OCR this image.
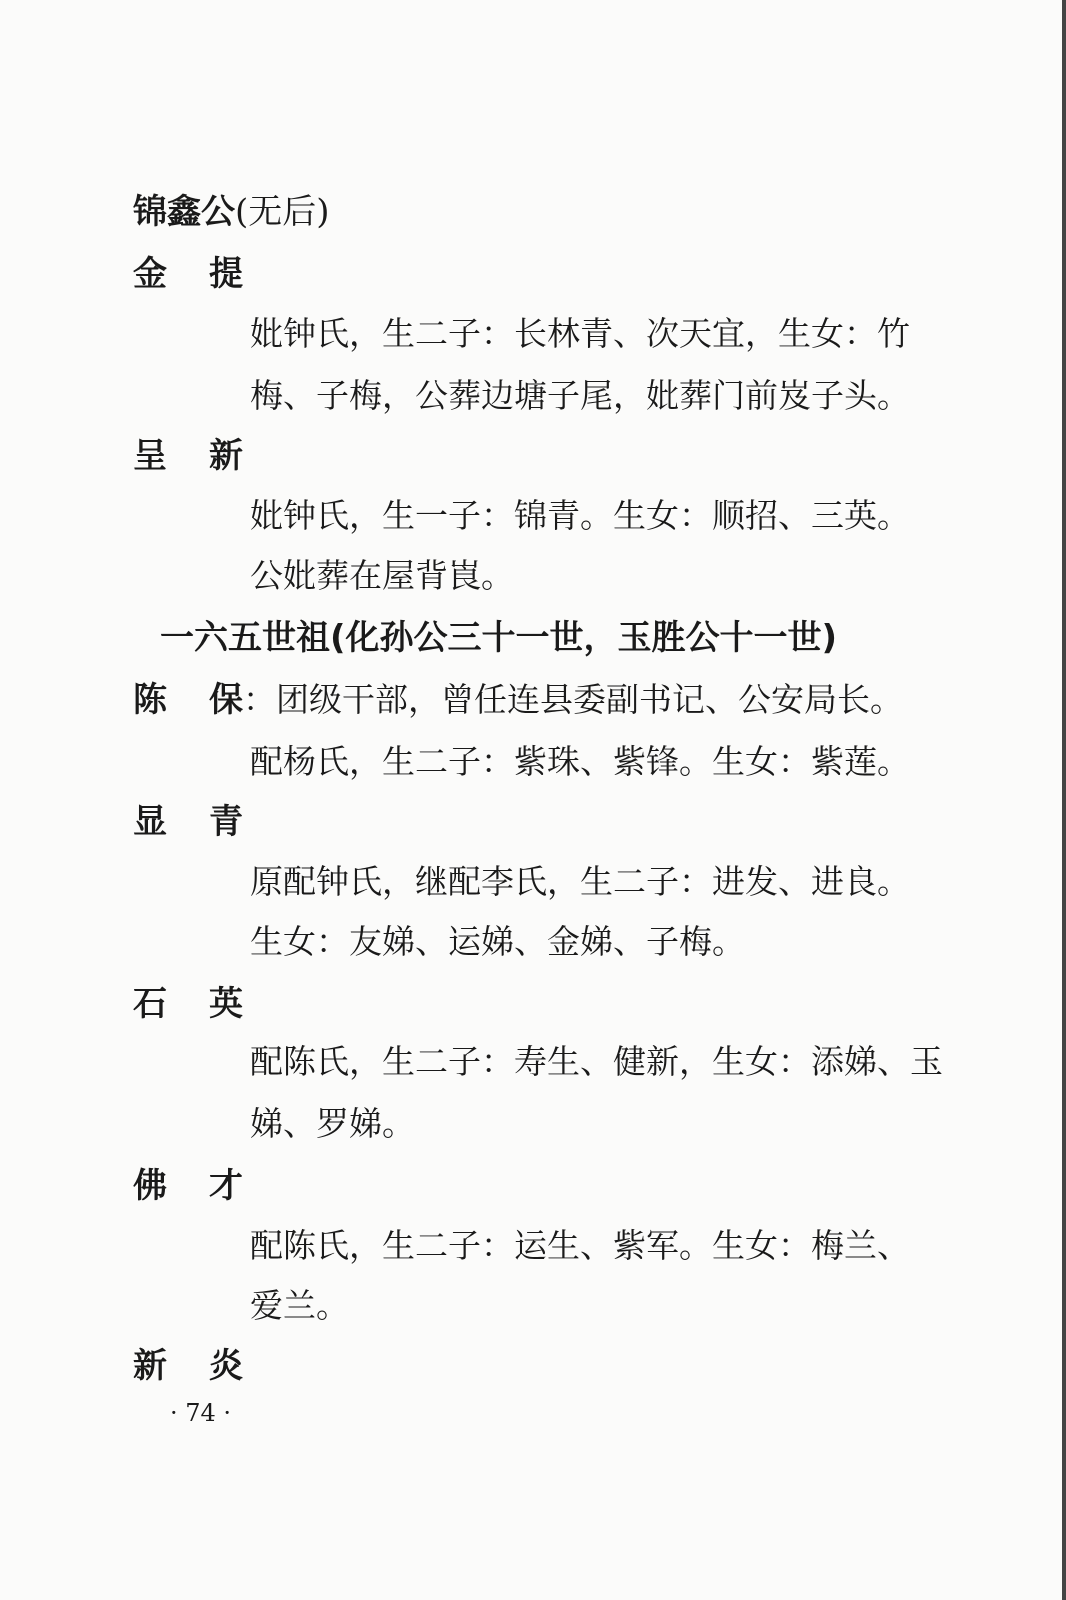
锦鑫公(无后)
金 提
妣钟氏，生二子：长林青、次天宜，生女：竹
梅、子梅，公葬边塘子尾，妣葬门前岌子头。
呈 新
妣钟氏，生一子：锦青。生女：顺招、三英。
公妣葬在屋背崀。
一六五世祖(化孙公三十一世，玉胜公十一世)
陈 保：团级干部，曾任连县委副书记、公安局长。
配杨氏，生二子：紫珠、紫锋。生女：紫莲。
显 青
原配钟氏，继配李氏，生二子：进发、进良。
生女：友娣、运娣、金娣、子梅。
石 英
配陈氏，生二子：寿生、健新，生女：添娣、玉
娣、罗娣。
佛 才
配陈氏，生二子：运生、紫军。生女：梅兰、
爱兰。
新 炎
· 74 ·
